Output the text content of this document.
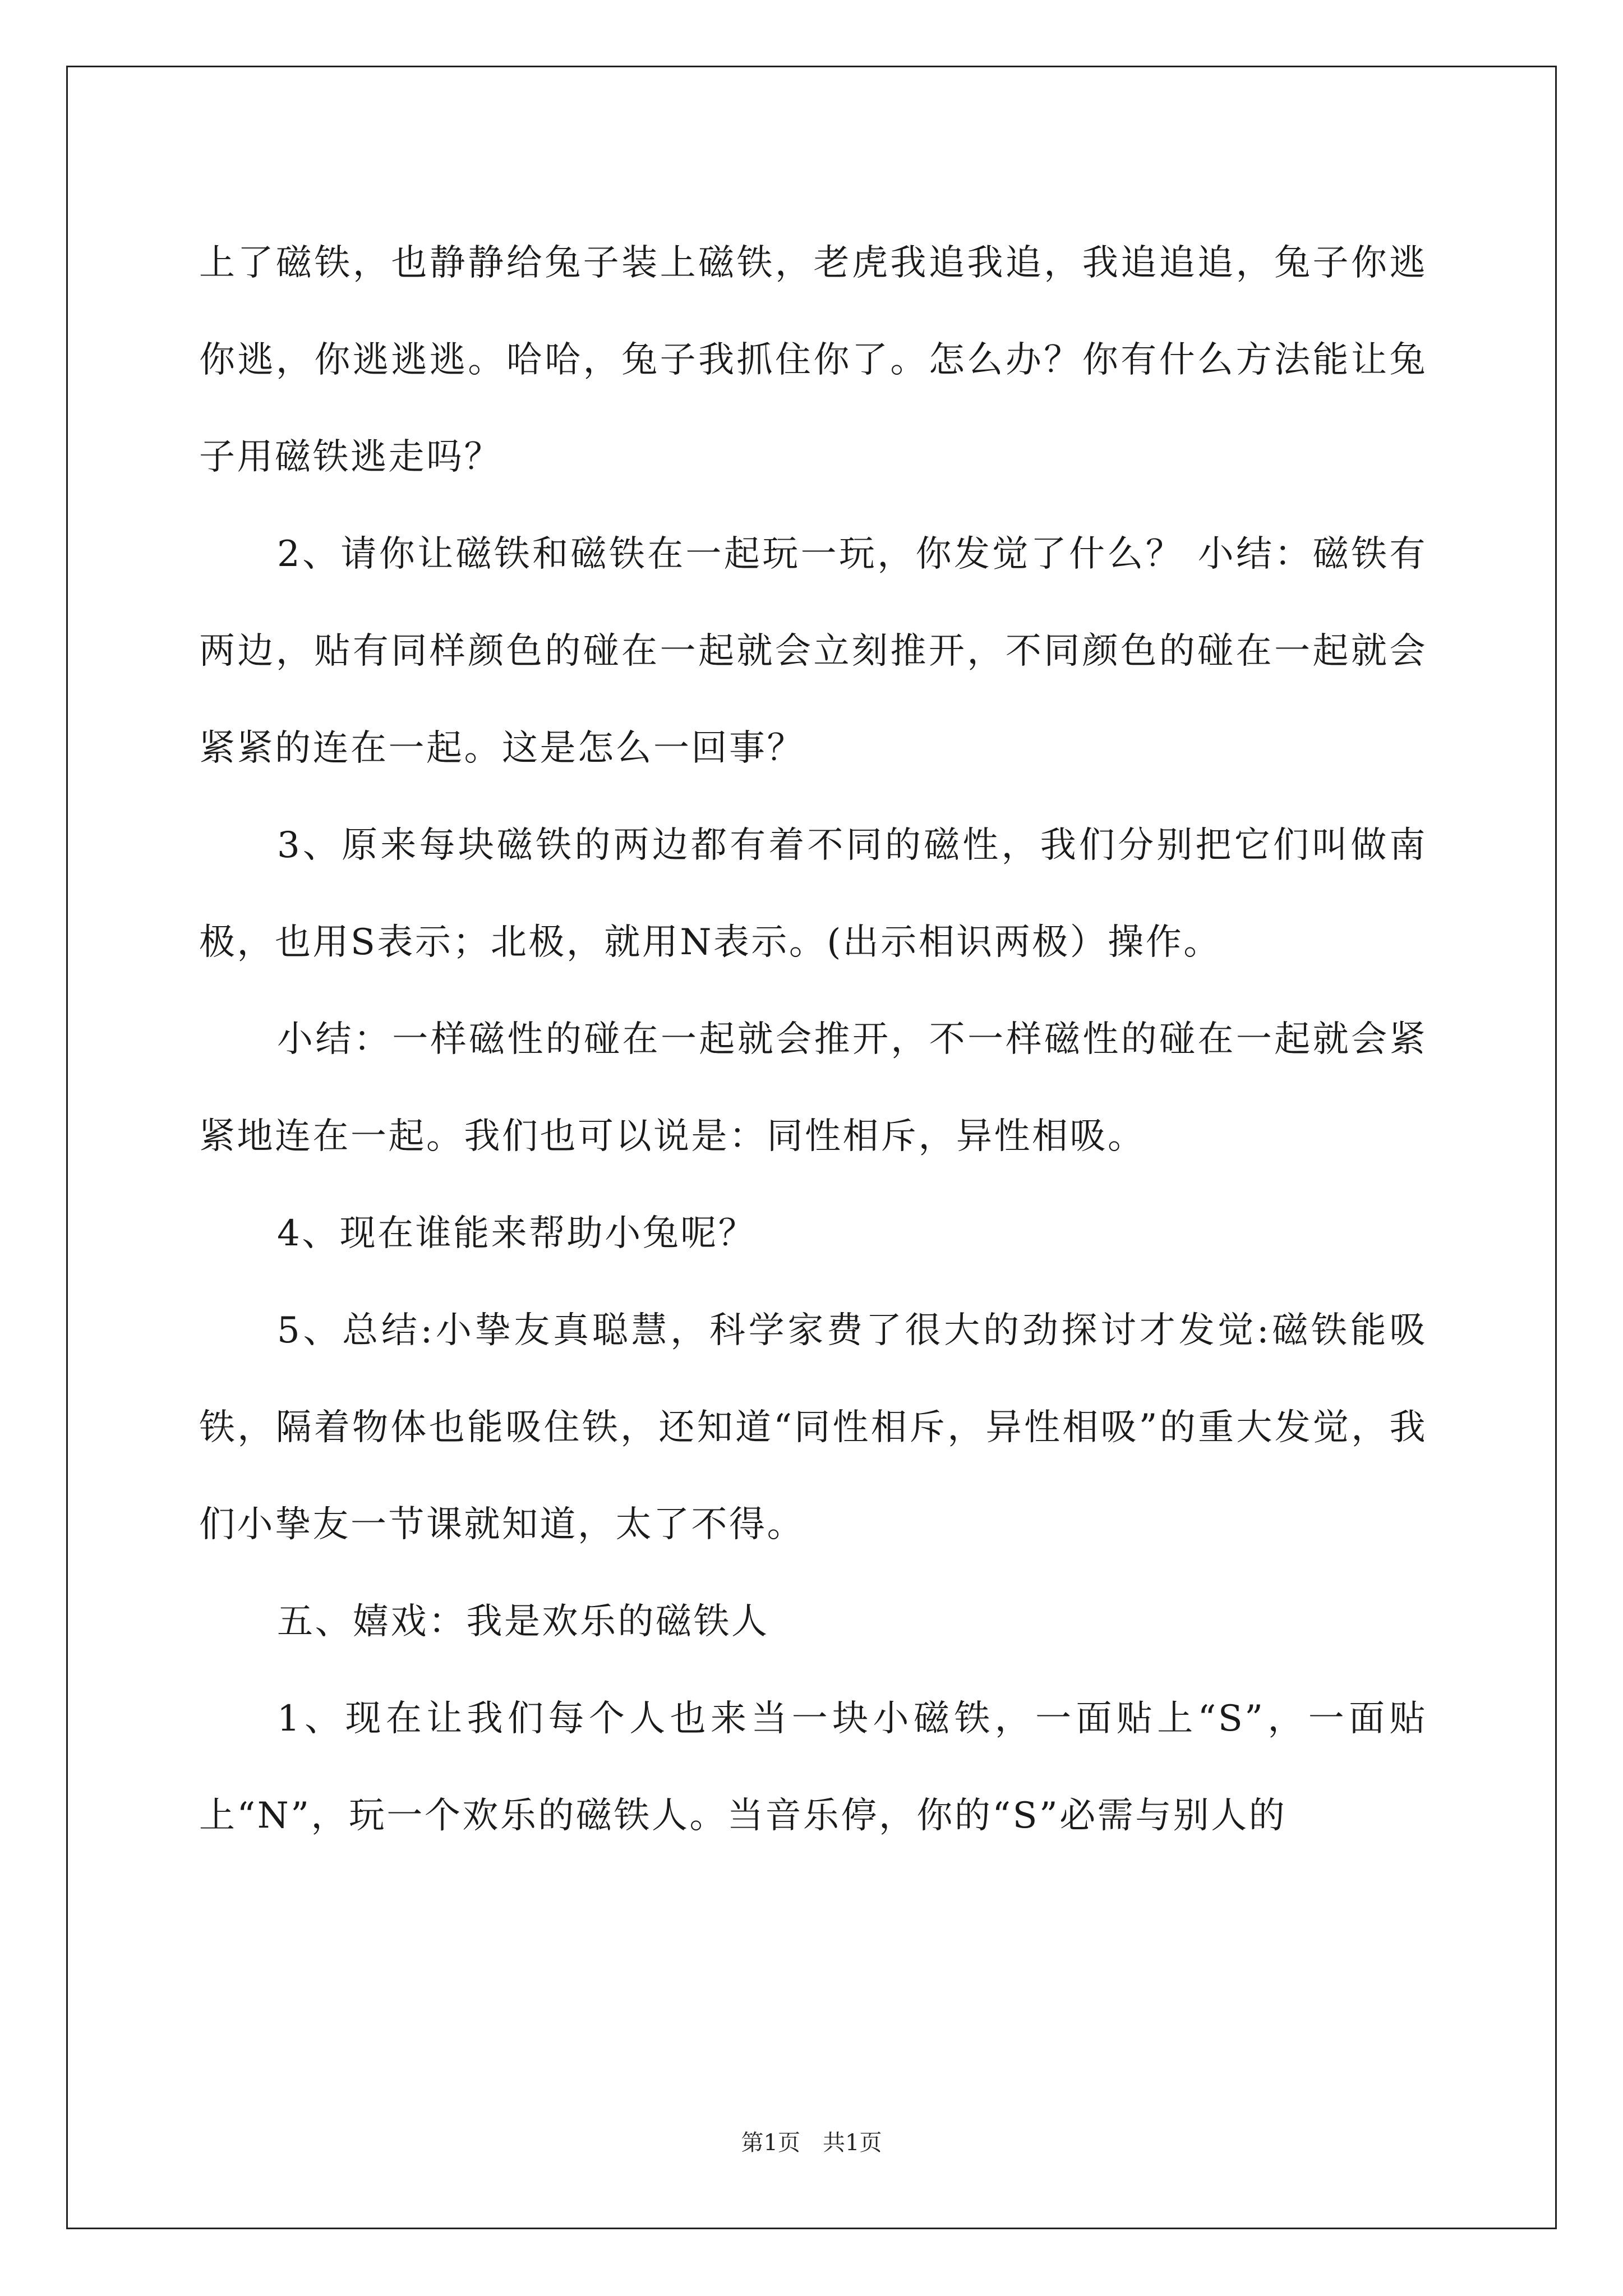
上了磁铁，也静静给兔子装上磁铁，老虎我追我追，我追追追，兔子你逃你逃，你逃逃逃。哈哈，兔子我抓住你了。怎么办？你有什么方法能让兔子用磁铁逃走吗？

2、请你让磁铁和磁铁在一起玩一玩，你发觉了什么？ 小结：磁铁有两边，贴有同样颜色的碰在一起就会立刻推开，不同颜色的碰在一起就会紧紧的连在一起。这是怎么一回事？

3、原来每块磁铁的两边都有着不同的磁性，我们分别把它们叫做南极，也用S表示；北极，就用N表示。(出示相识两极）操作。

小结：一样磁性的碰在一起就会推开，不一样磁性的碰在一起就会紧紧地连在一起。我们也可以说是：同性相斥，异性相吸。

4、现在谁能来帮助小兔呢？

5、总结:小挚友真聪慧，科学家费了很大的劲探讨才发觉:磁铁能吸铁，隔着物体也能吸住铁，还知道“同性相斥，异性相吸”的重大发觉，我们小挚友一节课就知道，太了不得。

五、嬉戏：我是欢乐的磁铁人

1、现在让我们每个人也来当一块小磁铁，一面贴上“S”，一面贴上“N”，玩一个欢乐的磁铁人。当音乐停，你的“S”必需与别人的

第1页　共1页
